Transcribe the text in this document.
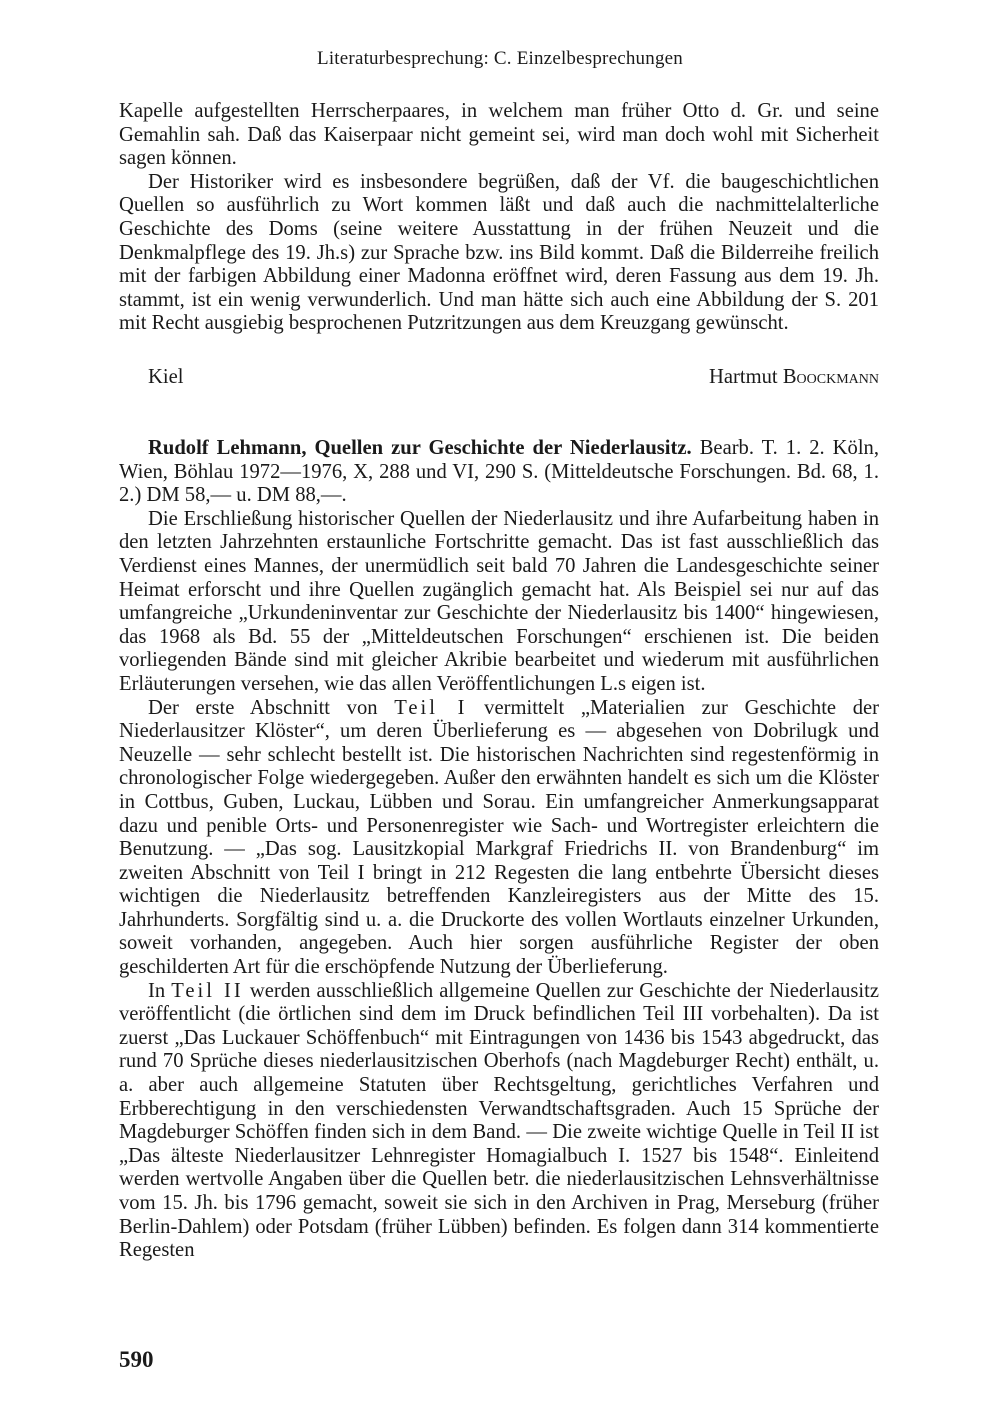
Literaturbesprechung: C. Einzelbesprechungen

Kapelle aufgestellten Herrscherpaares, in welchem man früher Otto d. Gr. und seine Gemahlin sah. Daß das Kaiserpaar nicht gemeint sei, wird man doch wohl mit Sicherheit sagen können.

Der Historiker wird es insbesondere begrüßen, daß der Vf. die baugeschichtlichen Quellen so ausführlich zu Wort kommen läßt und daß auch die nachmittelalterliche Geschichte des Doms (seine weitere Ausstattung in der frühen Neuzeit und die Denkmalpflege des 19. Jh.s) zur Sprache bzw. ins Bild kommt. Daß die Bilderreihe freilich mit der farbigen Abbildung einer Madonna eröffnet wird, deren Fassung aus dem 19. Jh. stammt, ist ein wenig verwunderlich. Und man hätte sich auch eine Abbildung der S. 201 mit Recht ausgiebig besprochenen Putzritzungen aus dem Kreuzgang gewünscht.

Kiel	Hartmut Boockmann

Rudolf Lehmann, Quellen zur Geschichte der Niederlausitz. Bearb. T. 1. 2. Köln, Wien, Böhlau 1972—1976, X, 288 und VI, 290 S. (Mitteldeutsche Forschungen. Bd. 68, 1. 2.) DM 58,— u. DM 88,—.

Die Erschließung historischer Quellen der Niederlausitz und ihre Aufarbeitung haben in den letzten Jahrzehnten erstaunliche Fortschritte gemacht. Das ist fast ausschließlich das Verdienst eines Mannes, der unermüdlich seit bald 70 Jahren die Landesgeschichte seiner Heimat erforscht und ihre Quellen zugänglich gemacht hat. Als Beispiel sei nur auf das umfangreiche „Urkundeninventar zur Geschichte der Niederlausitz bis 1400“ hingewiesen, das 1968 als Bd. 55 der „Mitteldeutschen Forschungen“ erschienen ist. Die beiden vorliegenden Bände sind mit gleicher Akribie bearbeitet und wiederum mit ausführlichen Erläuterungen versehen, wie das allen Veröffentlichungen L.s eigen ist.

Der erste Abschnitt von Teil I vermittelt „Materialien zur Geschichte der Niederlausitzer Klöster“, um deren Überlieferung es — abgesehen von Dobrilugk und Neuzelle — sehr schlecht bestellt ist. Die historischen Nachrichten sind regestenförmig in chronologischer Folge wiedergegeben. Außer den erwähnten handelt es sich um die Klöster in Cottbus, Guben, Luckau, Lübben und Sorau. Ein umfangreicher Anmerkungsapparat dazu und penible Orts- und Personenregister wie Sach- und Wortregister erleichtern die Benutzung. — „Das sog. Lausitzkopial Markgraf Friedrichs II. von Brandenburg“ im zweiten Abschnitt von Teil I bringt in 212 Regesten die lang entbehrte Übersicht dieses wichtigen die Niederlausitz betreffenden Kanzleiregisters aus der Mitte des 15. Jahrhunderts. Sorgfältig sind u. a. die Druckorte des vollen Wortlauts einzelner Urkunden, soweit vorhanden, angegeben. Auch hier sorgen ausführliche Register der oben geschilderten Art für die erschöpfende Nutzung der Überlieferung.

In Teil II werden ausschließlich allgemeine Quellen zur Geschichte der Niederlausitz veröffentlicht (die örtlichen sind dem im Druck befindlichen Teil III vorbehalten). Da ist zuerst „Das Luckauer Schöffenbuch“ mit Eintragungen von 1436 bis 1543 abgedruckt, das rund 70 Sprüche dieses niederlausitzischen Oberhofs (nach Magdeburger Recht) enthält, u. a. aber auch allgemeine Statuten über Rechtsgeltung, gerichtliches Verfahren und Erbberechtigung in den verschiedensten Verwandtschaftsgraden. Auch 15 Sprüche der Magdeburger Schöffen finden sich in dem Band. — Die zweite wichtige Quelle in Teil II ist „Das älteste Niederlausitzer Lehnregister Homagialbuch I. 1527 bis 1548“. Einleitend werden wertvolle Angaben über die Quellen betr. die niederlausitzischen Lehnsverhältnisse vom 15. Jh. bis 1796 gemacht, soweit sie sich in den Archiven in Prag, Merseburg (früher Berlin-Dahlem) oder Potsdam (früher Lübben) befinden. Es folgen dann 314 kommentierte Regesten

590
